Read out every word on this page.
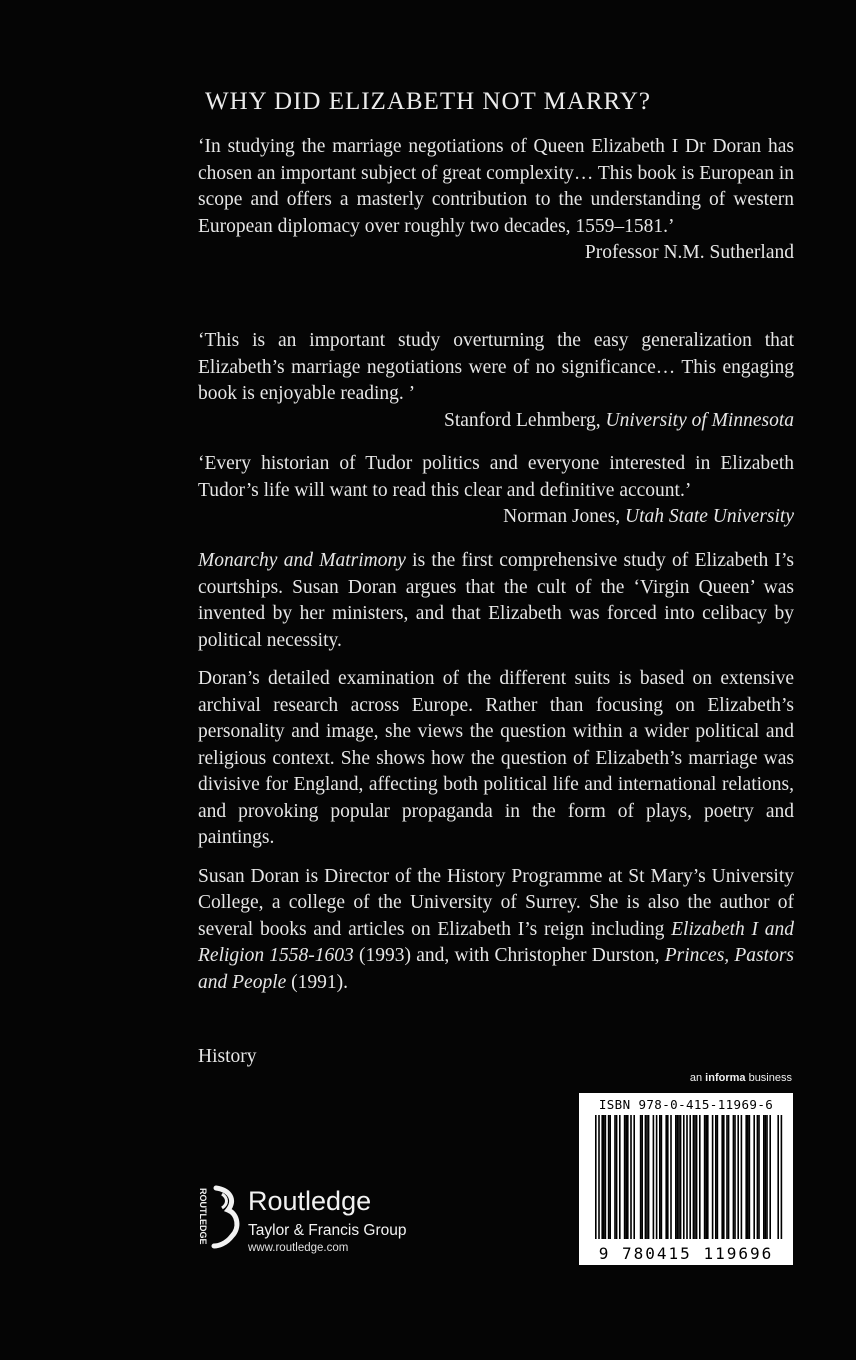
WHY DID ELIZABETH NOT MARRY?
‘In studying the marriage negotiations of Queen Elizabeth I Dr Doran has chosen an important subject of great complexity… This book is European in scope and offers a masterly contribution to the understanding of western European diplomacy over roughly two decades, 1559–1581.’
Professor N.M. Sutherland
‘This is an important study overturning the easy generalization that Elizabeth’s marriage negotiations were of no significance… This engaging book is enjoyable reading. ’
Stanford Lehmberg, University of Minnesota
‘Every historian of Tudor politics and everyone interested in Elizabeth Tudor’s life will want to read this clear and definitive account.’
Norman Jones, Utah State University

Monarchy and Matrimony is the first comprehensive study of Elizabeth I’s courtships. Susan Doran argues that the cult of the ‘Virgin Queen’ was invented by her ministers, and that Elizabeth was forced into celibacy by political necessity.

Doran’s detailed examination of the different suits is based on extensive archival research across Europe. Rather than focusing on Elizabeth’s personality and image, she views the question within a wider political and religious context. She shows how the question of Elizabeth’s marriage was divisive for England, affecting both political life and international relations, and provoking popular propaganda in the form of plays, poetry and paintings.

Susan Doran is Director of the History Programme at St Mary’s University College, a college of the University of Surrey. She is also the author of several books and articles on Elizabeth I’s reign including Elizabeth I and Religion 1558-1603 (1993) and, with Christopher Durston, Princes, Pastors and People (1991).

History
an informa business
ISBN 978-0-415-11969-6
9 780415 119696
ROUTLEDGE Routledge
Taylor & Francis Group
www.routledge.com
